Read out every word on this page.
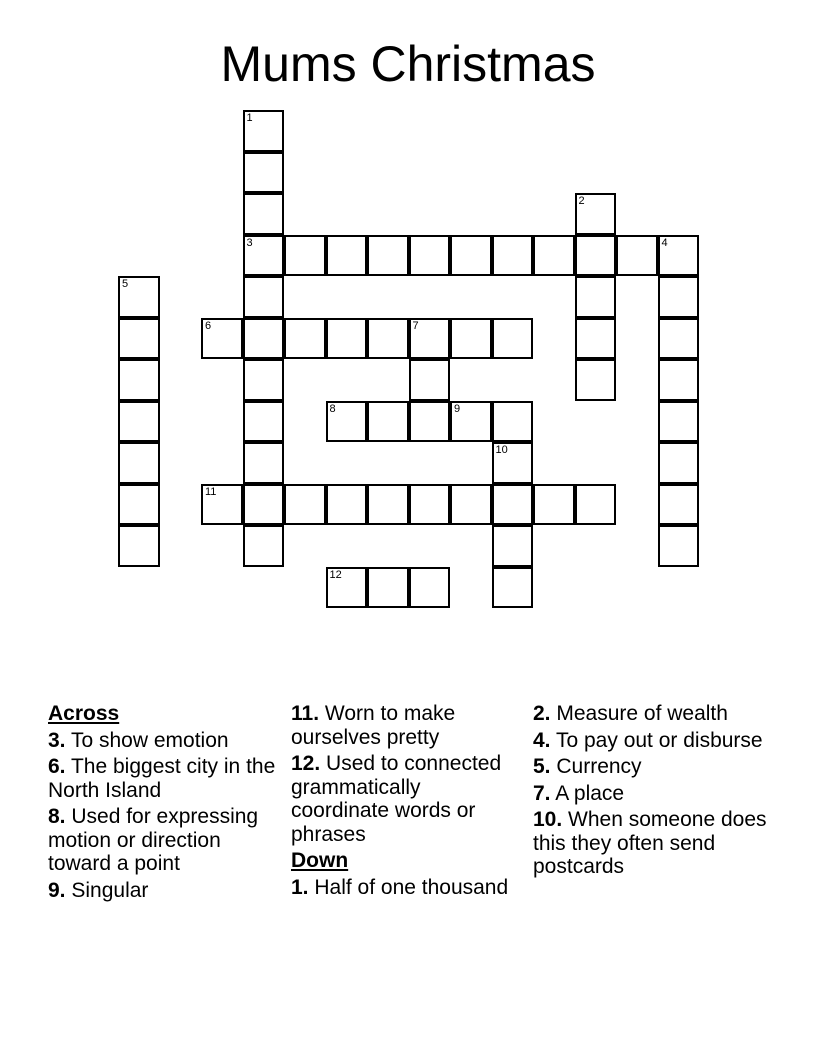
Mums Christmas
1
3
2
4
5
6	7
8	9
10
11
12
Across
3. To show emotion
6. The biggest city in the North Island
8. Used for expressing motion or direction toward a point
9. Singular
11. Worn to make ourselves pretty
12. Used to connected grammatically coordinate words or phrases
Down
1. Half of one thousand
2. Measure of wealth
4. To pay out or disburse
5. Currency
7. A place
10. When someone does this they often send postcards
